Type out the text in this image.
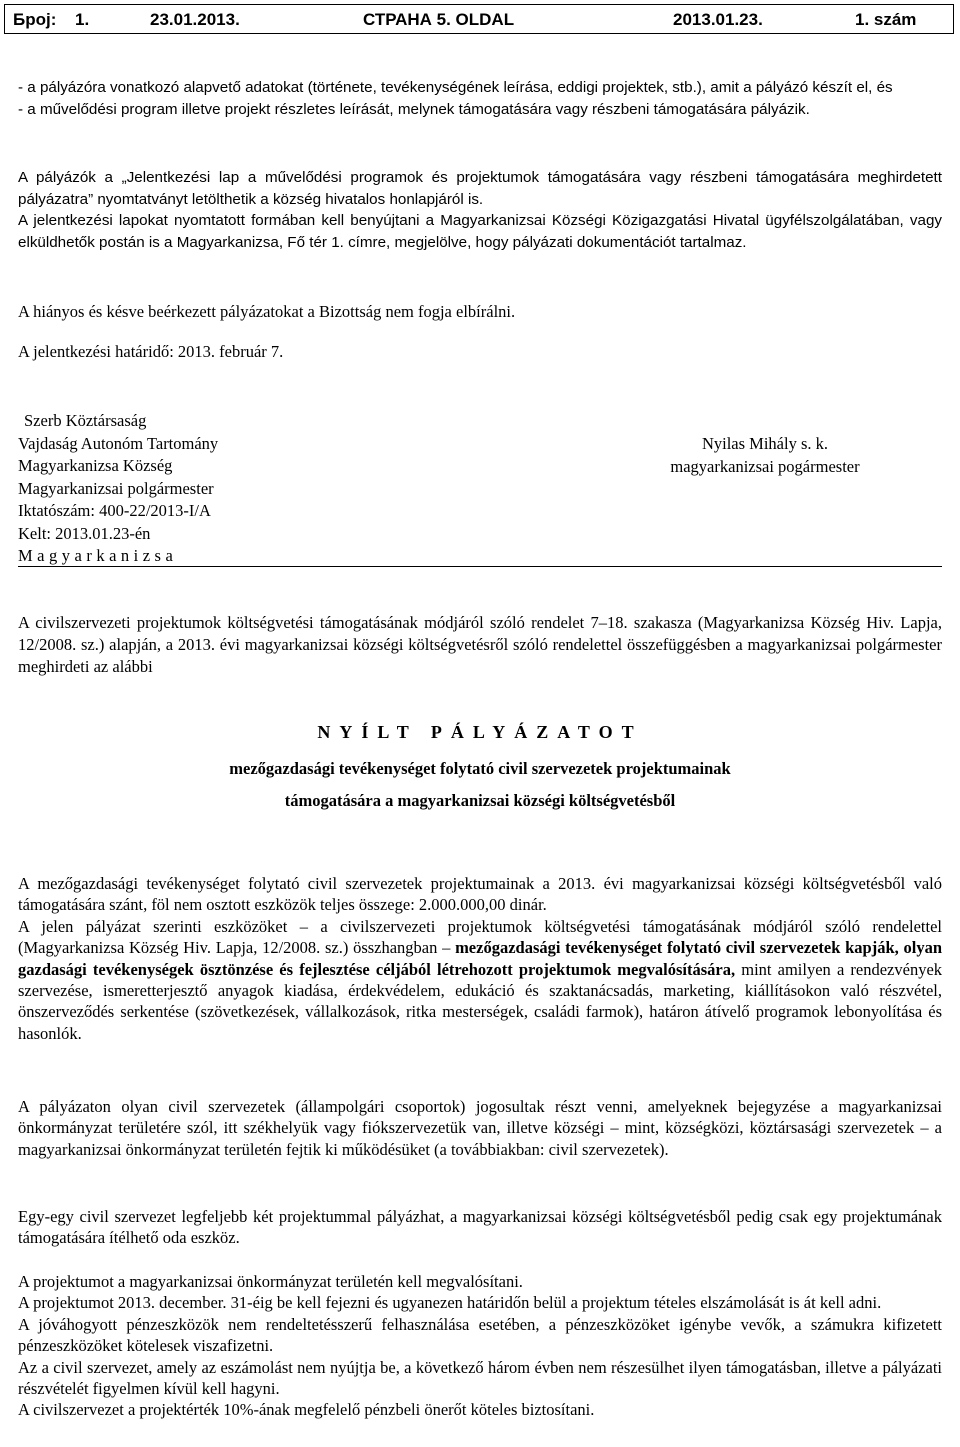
Број: 1.	23.01.2013.	СТРАНА 5. OLDAL	2013.01.23.	1. szám

- a pályázóra vonatkozó alapvető adatokat (története, tevékenységének leírása, eddigi projektek, stb.), amit a pályázó készít el, és

- a művelődési program illetve projekt részletes leírását, melynek támogatására vagy részbeni támogatására pályázik.

A pályázók a „Jelentkezési lap a művelődési programok és projektumok támogatására vagy részbeni támogatására meghirdetett pályázatra” nyomtatványt letölthetik a község hivatalos honlapjáról is.

A jelentkezési lapokat nyomtatott formában kell benyújtani a Magyarkanizsai Községi Közigazgatási Hivatal ügyfélszolgálatában, vagy elküldhetők postán is a Magyarkanizsa, Fő tér 1. címre, megjelölve, hogy pályázati dokumentációt tartalmaz.

A hiányos és késve beérkezett pályázatokat a Bizottság nem fogja elbírálni.
A jelentkezési határidő: 2013. február 7.
Szerb Köztársaság
Vajdaság Autonóm Tartomány
Magyarkanizsa Község
Magyarkanizsai polgármester
Iktatószám: 400-22/2013-I/A
Kelt: 2013.01.23-én
Magyarkanizsa
Nyilas Mihály s. k.
magyarkanizsai pogármester

A civilszervezeti projektumok költségvetési támogatásának módjáról szóló rendelet 7–18. szakasza (Magyarkanizsa Község Hiv. Lapja, 12/2008. sz.) alapján, a 2013. évi magyarkanizsai községi költségvetésről szóló rendelettel összefüggésben a magyarkanizsai polgármester meghirdeti az alábbi

NYÍLT PÁLYÁZATOT
mezőgazdasági tevékenységet folytató civil szervezetek projektumainak
támogatására a magyarkanizsai községi költségvetésből

A mezőgazdasági tevékenységet folytató civil szervezetek projektumainak a 2013. évi magyarkanizsai községi költségvetésből való támogatására szánt, föl nem osztott eszközök teljes összege: 2.000.000,00 dinár.

A jelen pályázat szerinti eszközöket – a civilszervezeti projektumok költségvetési támogatásának módjáról szóló rendelettel (Magyarkanizsa Község Hiv. Lapja, 12/2008. sz.) összhangban – mezőgazdasági tevékenységet folytató civil szervezetek kapják, olyan gazdasági tevékenységek ösztönzése és fejlesztése céljából létrehozott projektumok megvalósítására, mint amilyen a rendezvények szervezése, ismeretterjesztő anyagok kiadása, érdekvédelem, edukáció és szaktanácsadás, marketing, kiállításokon való részvétel, önszerveződés serkentése (szövetkezések, vállalkozások, ritka mesterségek, családi farmok), határon átívelő programok lebonyolítása és hasonlók.

A pályázaton olyan civil szervezetek (állampolgári csoportok) jogosultak részt venni, amelyeknek bejegyzése a magyarkanizsai önkormányzat területére szól, itt székhelyük vagy fiókszervezetük van, illetve községi – mint, községközi, köztársasági szervezetek – a magyarkanizsai önkormányzat területén fejtik ki működésüket (a továbbiakban: civil szervezetek).

Egy-egy civil szervezet legfeljebb két projektummal pályázhat, a magyarkanizsai községi költségvetésből pedig csak egy projektumának támogatására ítélhető oda eszköz.

A projektumot a magyarkanizsai önkormányzat területén kell megvalósítani.

A projektumot 2013. december. 31-éig be kell fejezni és ugyanezen határidőn belül a projektum tételes elszámolását is át kell adni.

A jóváhogyott pénzeszközök nem rendeltetésszerű felhasználása esetében, a pénzeszközöket igénybe vevők, a számukra kifizetett pénzeszközöket kötelesek viszafizetni.

Az a civil szervezet, amely az eszámolást nem nyújtja be, a következő három évben nem részesülhet ilyen támogatásban, illetve a pályázati részvételét figyelmen kívül kell hagyni.

A civilszervezet a projektérték 10%-ának megfelelő pénzbeli önerőt köteles biztosítani.
